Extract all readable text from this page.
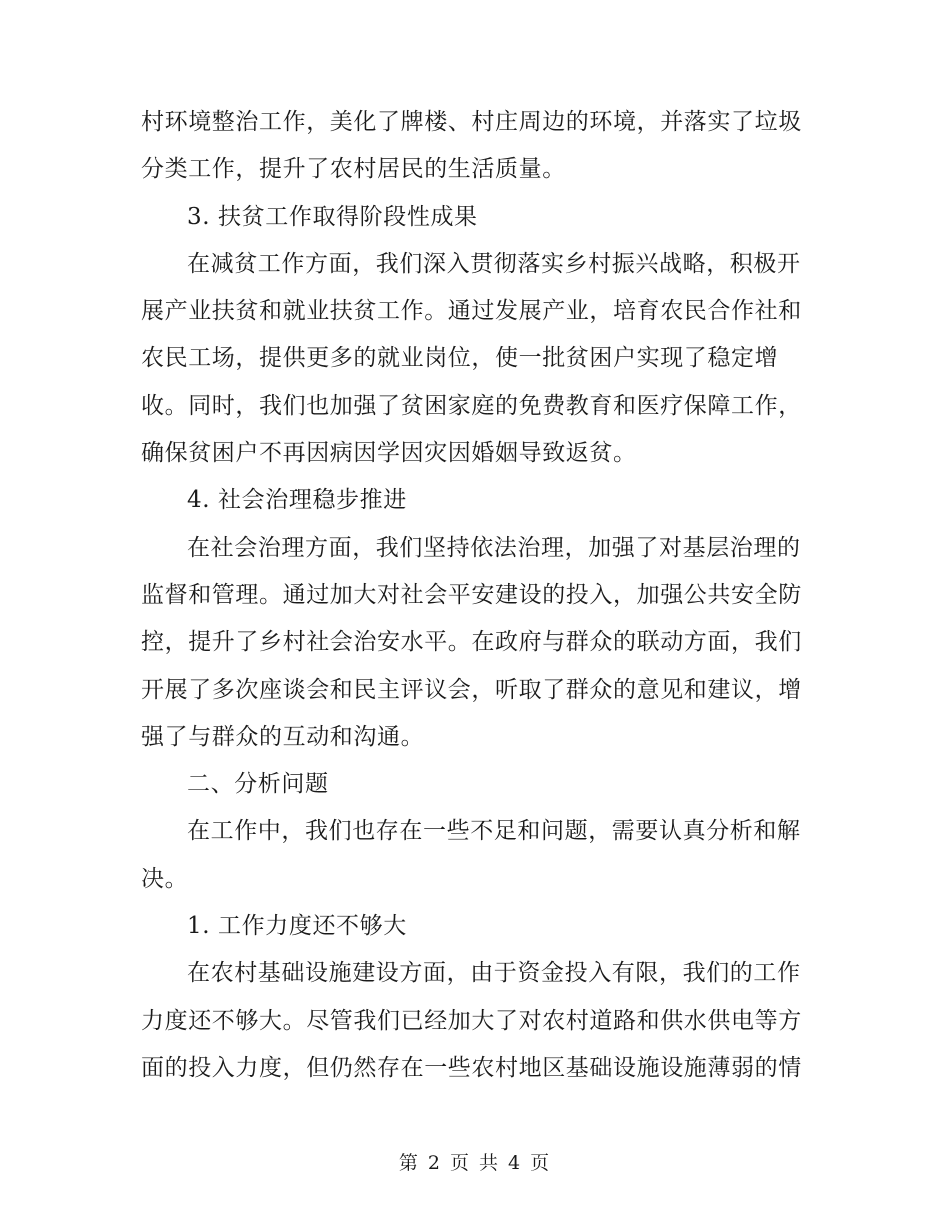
村环境整治工作，美化了牌楼、村庄周边的环境，并落实了垃圾
分类工作，提升了农村居民的生活质量。
3. 扶贫工作取得阶段性成果
在减贫工作方面，我们深入贯彻落实乡村振兴战略，积极开
展产业扶贫和就业扶贫工作。通过发展产业，培育农民合作社和
农民工场，提供更多的就业岗位，使一批贫困户实现了稳定增
收。同时，我们也加强了贫困家庭的免费教育和医疗保障工作，
确保贫困户不再因病因学因灾因婚姻导致返贫。
4. 社会治理稳步推进
在社会治理方面，我们坚持依法治理，加强了对基层治理的
监督和管理。通过加大对社会平安建设的投入，加强公共安全防
控，提升了乡村社会治安水平。在政府与群众的联动方面，我们
开展了多次座谈会和民主评议会，听取了群众的意见和建议，增
强了与群众的互动和沟通。
二、分析问题
在工作中，我们也存在一些不足和问题，需要认真分析和解
决。
1. 工作力度还不够大
在农村基础设施建设方面，由于资金投入有限，我们的工作
力度还不够大。尽管我们已经加大了对农村道路和供水供电等方
面的投入力度，但仍然存在一些农村地区基础设施设施薄弱的情
第 2 页 共 4 页
